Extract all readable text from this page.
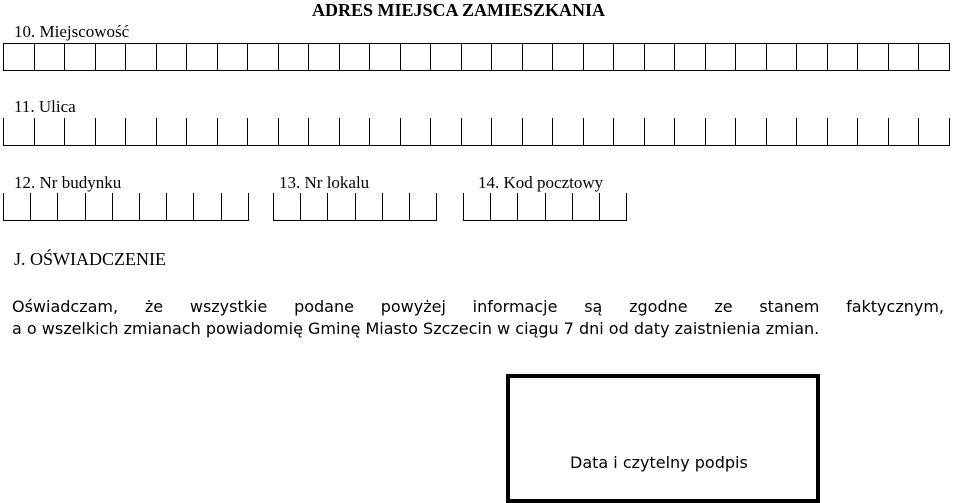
ADRES MIEJSCA ZAMIESZKANIA
10. Miejscowość
11. Ulica
12. Nr budynku	13. Nr lokalu	14. Kod pocztowy
J. OŚWIADCZENIE
Oświadczam, że wszystkie podane powyżej informacje są zgodne ze stanem faktycznym,
a o wszelkich zmianach powiadomię Gminę Miasto Szczecin w ciągu 7 dni od daty zaistnienia zmian.
Data i czytelny podpis
